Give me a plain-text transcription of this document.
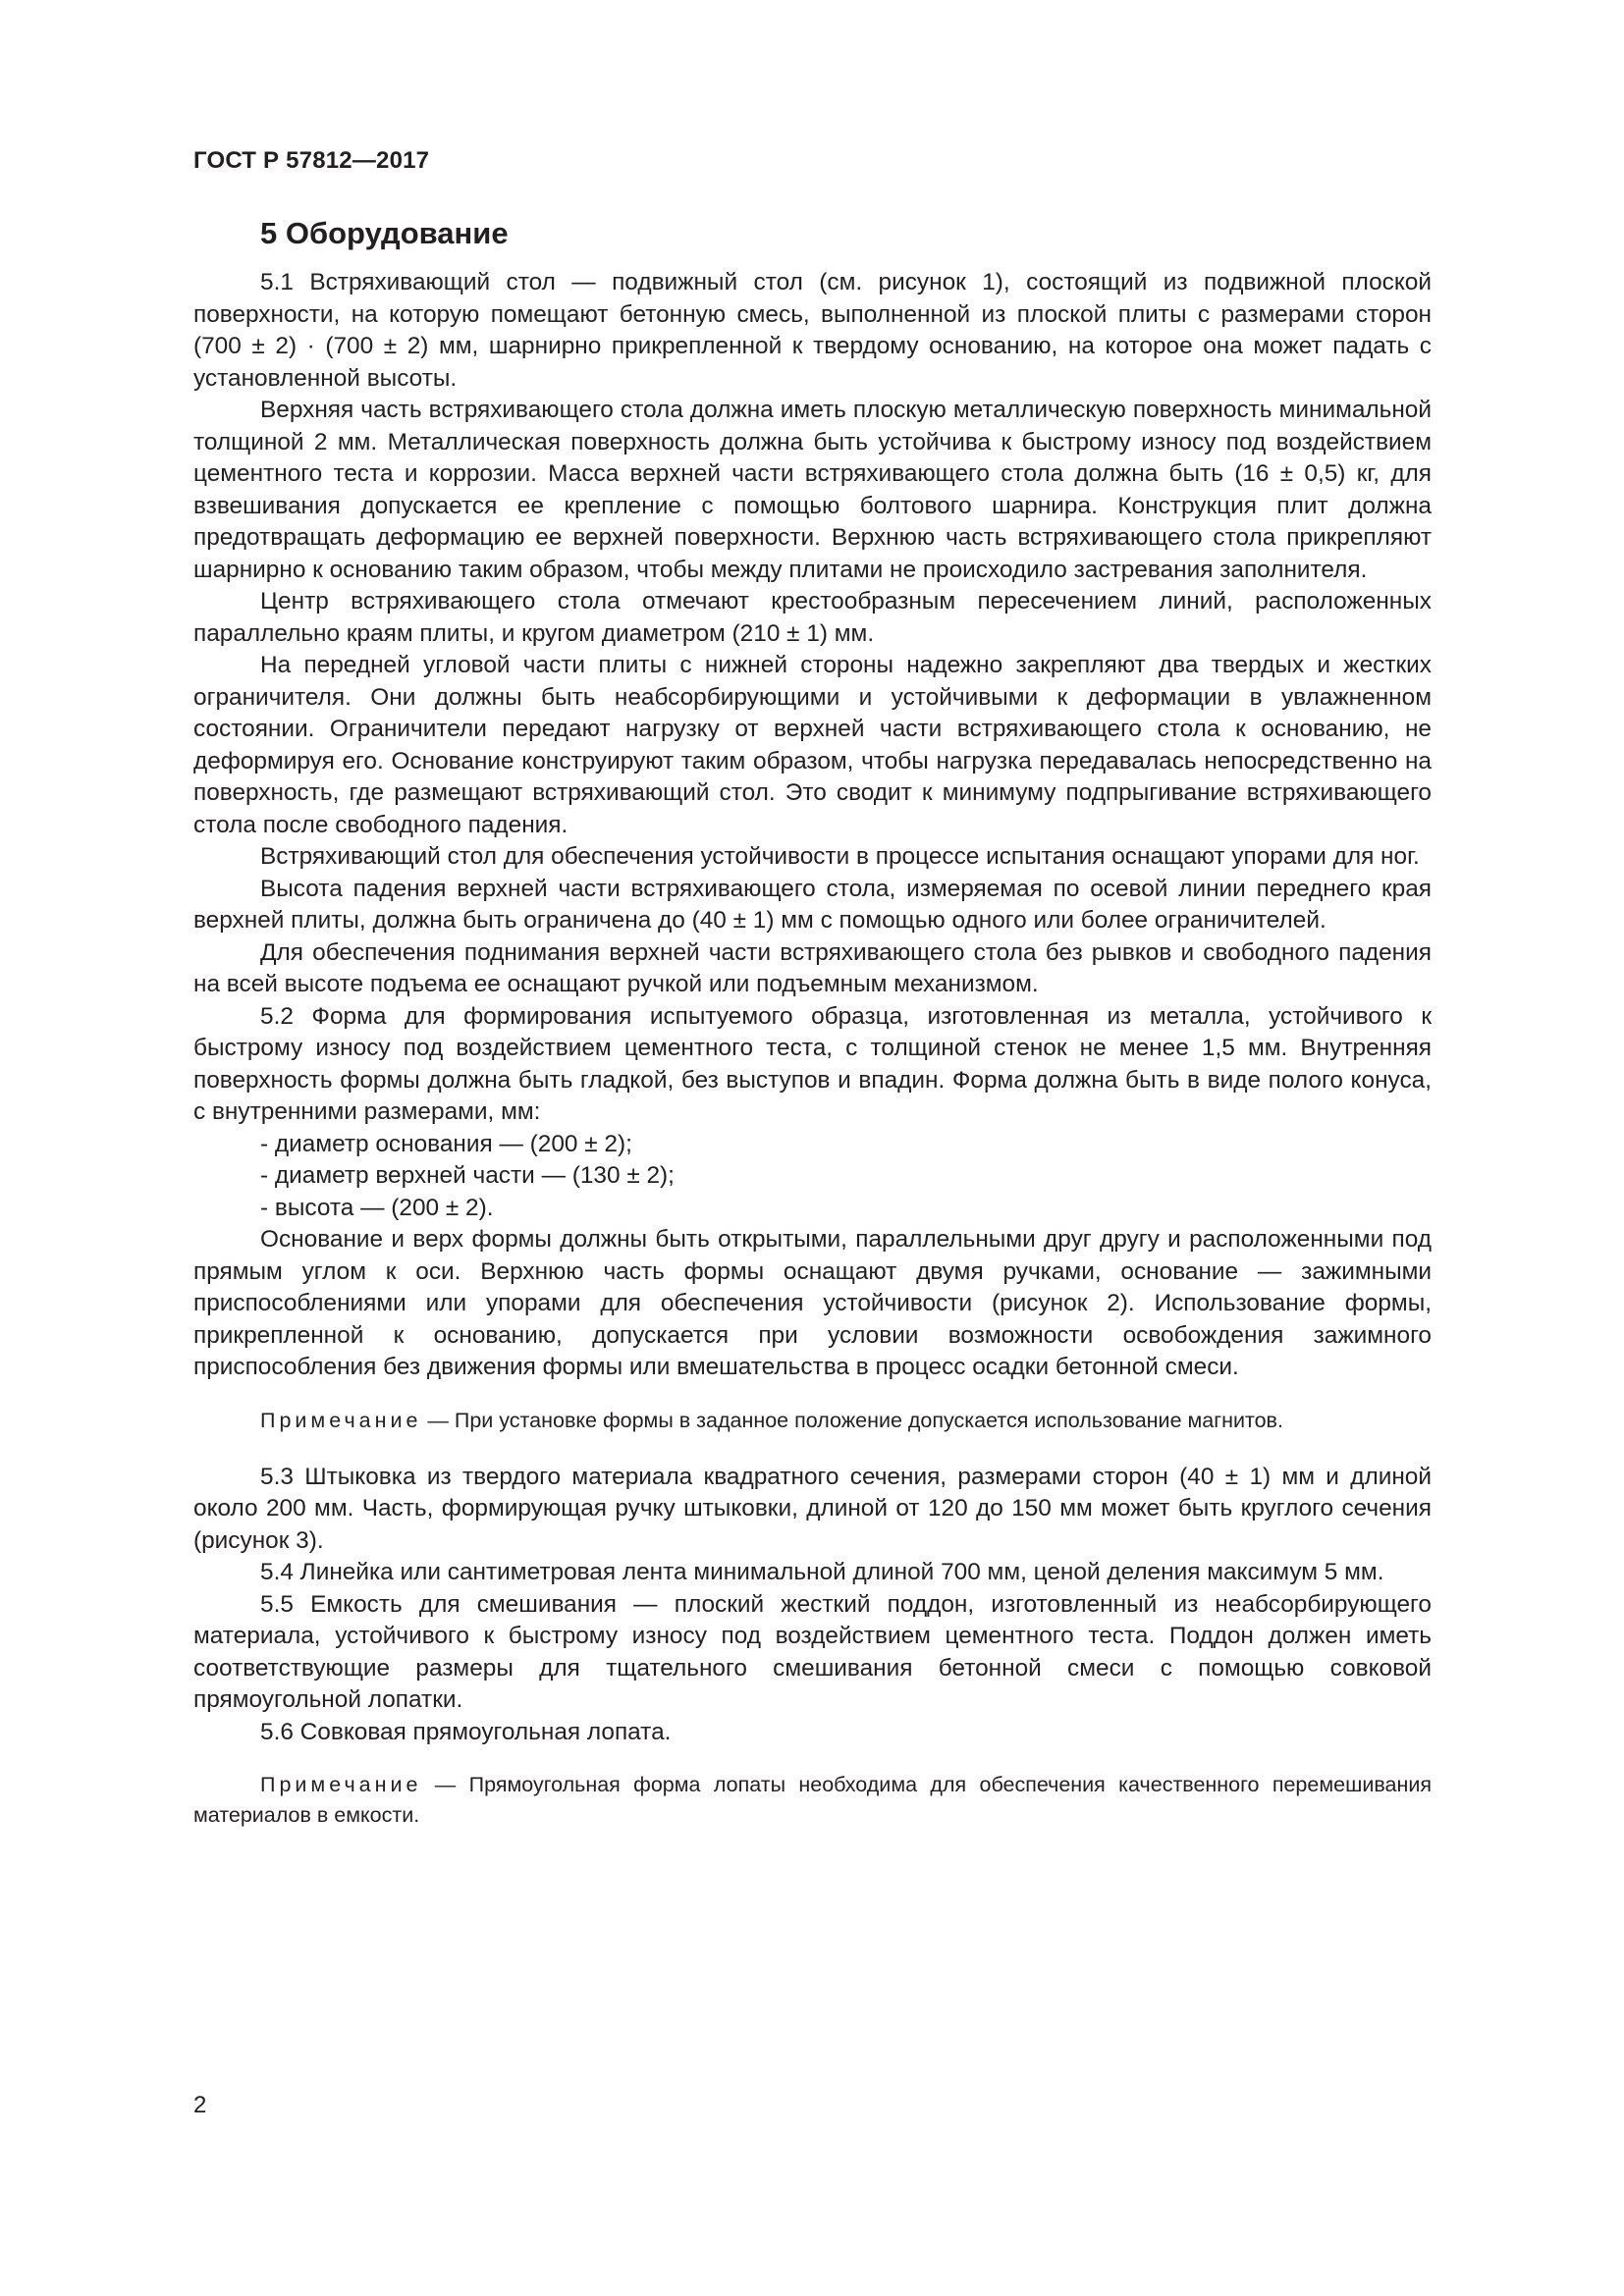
ГОСТ Р 57812—2017
5 Оборудование

5.1 Встряхивающий стол — подвижный стол (см. рисунок 1), состоящий из подвижной плоской поверхности, на которую помещают бетонную смесь, выполненной из плоской плиты с размерами сторон (700 ± 2) · (700 ± 2) мм, шарнирно прикрепленной к твердому основанию, на которое она может падать с установленной высоты.

Верхняя часть встряхивающего стола должна иметь плоскую металлическую поверхность минимальной толщиной 2 мм. Металлическая поверхность должна быть устойчива к быстрому износу под воздействием цементного теста и коррозии. Масса верхней части встряхивающего стола должна быть (16 ± 0,5) кг, для взвешивания допускается ее крепление с помощью болтового шарнира. Конструкция плит должна предотвращать деформацию ее верхней поверхности. Верхнюю часть встряхивающего стола прикрепляют шарнирно к основанию таким образом, чтобы между плитами не происходило застревания заполнителя.

Центр встряхивающего стола отмечают крестообразным пересечением линий, расположенных параллельно краям плиты, и кругом диаметром (210 ± 1) мм.

На передней угловой части плиты с нижней стороны надежно закрепляют два твердых и жестких ограничителя. Они должны быть неабсорбирующими и устойчивыми к деформации в увлажненном состоянии. Ограничители передают нагрузку от верхней части встряхивающего стола к основанию, не деформируя его. Основание конструируют таким образом, чтобы нагрузка передавалась непосредственно на поверхность, где размещают встряхивающий стол. Это сводит к минимуму подпрыгивание встряхивающего стола после свободного падения.

Встряхивающий стол для обеспечения устойчивости в процессе испытания оснащают упорами для ног.

Высота падения верхней части встряхивающего стола, измеряемая по осевой линии переднего края верхней плиты, должна быть ограничена до (40 ± 1) мм с помощью одного или более ограничителей.

Для обеспечения поднимания верхней части встряхивающего стола без рывков и свободного падения на всей высоте подъема ее оснащают ручкой или подъемным механизмом.

5.2 Форма для формирования испытуемого образца, изготовленная из металла, устойчивого к быстрому износу под воздействием цементного теста, с толщиной стенок не менее 1,5 мм. Внутренняя поверхность формы должна быть гладкой, без выступов и впадин. Форма должна быть в виде полого конуса, с внутренними размерами, мм:

- диаметр основания — (200 ± 2);
- диаметр верхней части — (130 ± 2);
- высота — (200 ± 2).

Основание и верх формы должны быть открытыми, параллельными друг другу и расположенными под прямым углом к оси. Верхнюю часть формы оснащают двумя ручками, основание — зажимными приспособлениями или упорами для обеспечения устойчивости (рисунок 2). Использование формы, прикрепленной к основанию, допускается при условии возможности освобождения зажимного приспособления без движения формы или вмешательства в процесс осадки бетонной смеси.

Примечание — При установке формы в заданное положение допускается использование магнитов.

5.3 Штыковка из твердого материала квадратного сечения, размерами сторон (40 ± 1) мм и длиной около 200 мм. Часть, формирующая ручку штыковки, длиной от 120 до 150 мм может быть круглого сечения (рисунок 3).

5.4 Линейка или сантиметровая лента минимальной длиной 700 мм, ценой деления максимум 5 мм.

5.5 Емкость для смешивания — плоский жесткий поддон, изготовленный из неабсорбирующего материала, устойчивого к быстрому износу под воздействием цементного теста. Поддон должен иметь соответствующие размеры для тщательного смешивания бетонной смеси с помощью совковой прямоугольной лопатки.

5.6 Совковая прямоугольная лопата.

Примечание — Прямоугольная форма лопаты необходима для обеспечения качественного перемешивания материалов в емкости.

2
